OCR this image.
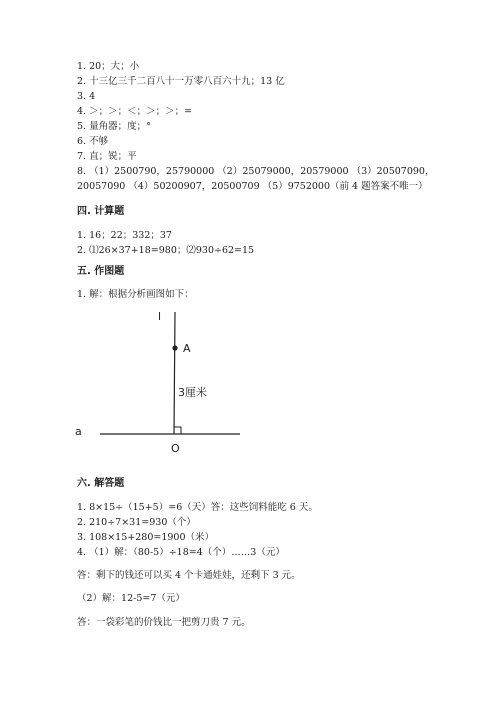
1. 20；大；小
2. 十三亿三千二百八十一万零八百六十九；13 亿
3. 4
4. ＞；＞；＜；＞；＞；=
5. 量角器；度；°
6. 不够
7. 直；锐；平
8. （1）2500790，25790000 （2）25079000，20579000 （3）20507090，
20057090 （4）50200907，20500709 （5）9752000（前 4 题答案不唯一）
四. 计算题
1. 16；22；332；37
2. ⑴26×37+18=980；⑵930÷62=15
五. 作图题
1. 解：根据分析画图如下：
l
A
3厘米
a
O
六. 解答题
1. 8×15÷（15+5）=6（天）答：这些饲料能吃 6 天。
2. 210÷7×31=930（个）
3. 108×15+280=1900（米）
4. （1）解：（80-5）÷18=4（个）……3（元）
答：剩下的钱还可以买 4 个卡通娃娃，还剩下 3 元。
（2）解：12-5=7（元）
答：一袋彩笔的价钱比一把剪刀贵 7 元。
